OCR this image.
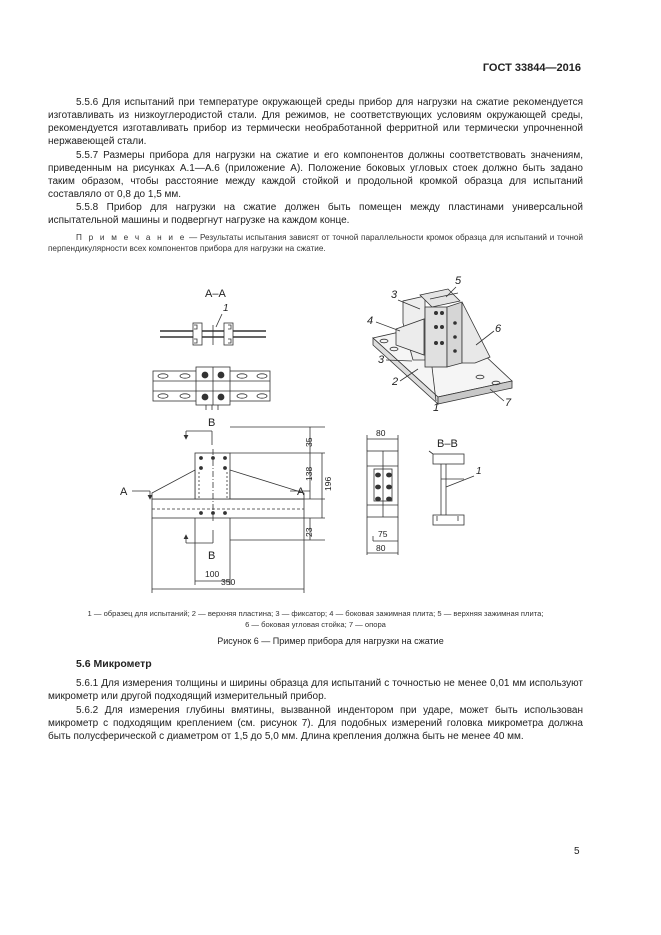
ГОСТ 33844—2016
5.5.6 Для испытаний при температуре окружающей среды прибор для нагрузки на сжатие рекомендуется изготавливать из низкоуглеродистой стали. Для режимов, не соответствующих условиям окружающей среды, рекомендуется изготавливать прибор из термически необработанной ферритной или термически упрочненной нержавеющей стали.
5.5.7 Размеры прибора для нагрузки на сжатие и его компонентов должны соответствовать значениям, приведенным на рисунках А.1—А.6 (приложение А). Положение боковых угловых стоек должно быть задано таким образом, чтобы расстояние между каждой стойкой и продольной кромкой образца для испытаний составляло от 0,8 до 1,5 мм.
5.5.8 Прибор для нагрузки на сжатие должен быть помещен между пластинами универсальной испытательной машины и подвергнут нагрузке на каждом конце.
П р и м е ч а н и е — Результаты испытания зависят от точной параллельности кромок образца для испытаний и точной перпендикулярности всех компонентов прибора для нагрузки на сжатие.
А–А
1
В
А	А
В
35
138
196
23
100
350
80
75
80
В–В
1
5
3
4
3
2
1
6
7
1 — образец для испытаний; 2 — верхняя пластина; 3 — фиксатор; 4 — боковая зажимная плита; 5 — верхняя зажимная плита;
6 — боковая угловая стойка; 7 — опора
Рисунок 6 — Пример прибора для нагрузки на сжатие
5.6 Микрометр
5.6.1 Для измерения толщины и ширины образца для испытаний с точностью не менее 0,01 мм используют микрометр или другой подходящий измерительный прибор.
5.6.2 Для измерения глубины вмятины, вызванной индентором при ударе, может быть использован микрометр с подходящим креплением (см. рисунок 7). Для подобных измерений головка микрометра должна быть полусферической с диаметром от 1,5 до 5,0 мм. Длина крепления должна быть не менее 40 мм.
5
